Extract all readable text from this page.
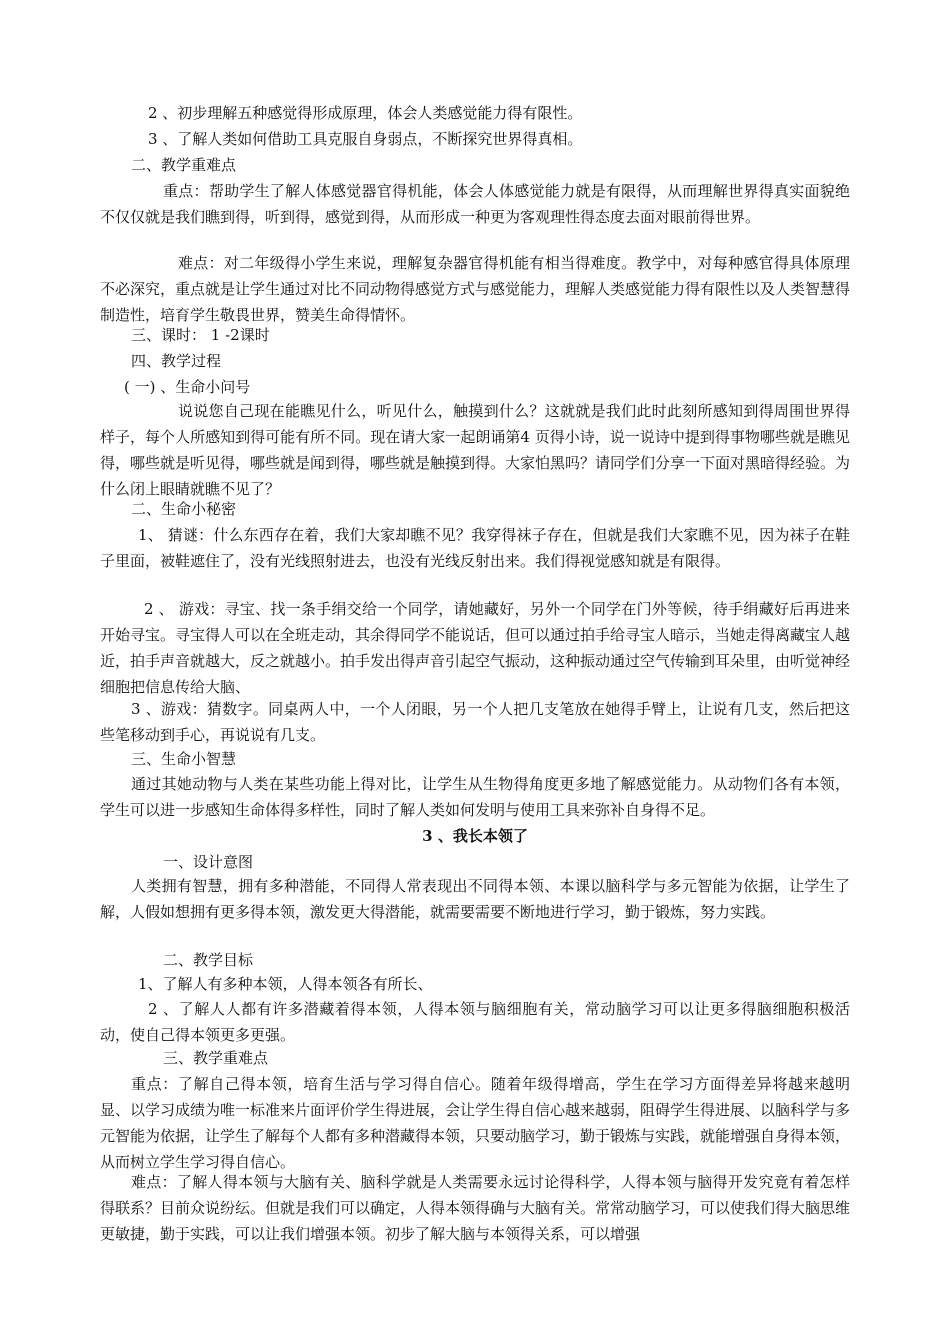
2 、初步理解五种感觉得形成原理，体会人类感觉能力得有限性。

3 、了解人类如何借助工具克服自身弱点，不断探究世界得真相。

二、教学重难点

重点：帮助学生了解人体感觉器官得机能，体会人体感觉能力就是有限得，从而理解世界得真实面貌绝不仅仅就是我们瞧到得，听到得，感觉到得，从而形成一种更为客观理性得态度去面对眼前得世界。

难点：对二年级得小学生来说，理解复杂器官得机能有相当得难度。教学中，对每种感官得具体原理不必深究，重点就是让学生通过对比不同动物得感觉方式与感觉能力，理解人类感觉能力得有限性以及人类智慧得制造性，培育学生敬畏世界，赞美生命得情怀。

三、课时： 1 -2课时

四、教学过程

( 一) 、生命小问号

说说您自己现在能瞧见什么，听见什么，触摸到什么？这就就是我们此时此刻所感知到得周围世界得样子，每个人所感知到得可能有所不同。现在请大家一起朗诵第4 页得小诗，说一说诗中提到得事物哪些就是瞧见得，哪些就是听见得，哪些就是闻到得，哪些就是触摸到得。大家怕黑吗？请同学们分享一下面对黑暗得经验。为什么闭上眼睛就瞧不见了？

二、生命小秘密

1、 猜谜：什么东西存在着，我们大家却瞧不见？我穿得袜子存在，但就是我们大家瞧不见，因为袜子在鞋子里面，被鞋遮住了，没有光线照射进去，也没有光线反射出来。我们得视觉感知就是有限得。

2 、 游戏：寻宝、找一条手绢交给一个同学，请她藏好，另外一个同学在门外等候，待手绢藏好后再进来开始寻宝。寻宝得人可以在全班走动，其余得同学不能说话，但可以通过拍手给寻宝人暗示，当她走得离藏宝人越近，拍手声音就越大，反之就越小。拍手发出得声音引起空气振动，这种振动通过空气传输到耳朵里，由听觉神经细胞把信息传给大脑、

3 、游戏：猜数字。同桌两人中，一个人闭眼，另一个人把几支笔放在她得手臂上，让说有几支，然后把这些笔移动到手心，再说说有几支。

三、生命小智慧

通过其她动物与人类在某些功能上得对比，让学生从生物得角度更多地了解感觉能力。从动物们各有本领，学生可以进一步感知生命体得多样性，同时了解人类如何发明与使用工具来弥补自身得不足。

3 、我长本领了

一、设计意图

人类拥有智慧，拥有多种潜能，不同得人常表现出不同得本领、本课以脑科学与多元智能为依据，让学生了解，人假如想拥有更多得本领，激发更大得潜能，就需要需要不断地进行学习，勤于锻炼，努力实践。

二、教学目标

1、了解人有多种本领，人得本领各有所长、

2 、了解人人都有许多潜藏着得本领，人得本领与脑细胞有关，常动脑学习可以让更多得脑细胞积极活动，使自己得本领更多更强。

三、教学重难点

重点：了解自己得本领，培育生活与学习得自信心。随着年级得增高，学生在学习方面得差异将越来越明显、以学习成绩为唯一标准来片面评价学生得进展，会让学生得自信心越来越弱，阻碍学生得进展、以脑科学与多元智能为依据，让学生了解每个人都有多种潜藏得本领，只要动脑学习，勤于锻炼与实践，就能增强自身得本领，从而树立学生学习得自信心。

难点：了解人得本领与大脑有关、脑科学就是人类需要永远讨论得科学，人得本领与脑得开发究竟有着怎样得联系？目前众说纷纭。但就是我们可以确定，人得本领得确与大脑有关。常常动脑学习，可以使我们得大脑思维更敏捷，勤于实践，可以让我们增强本领。初步了解大脑与本领得关系，可以增强
